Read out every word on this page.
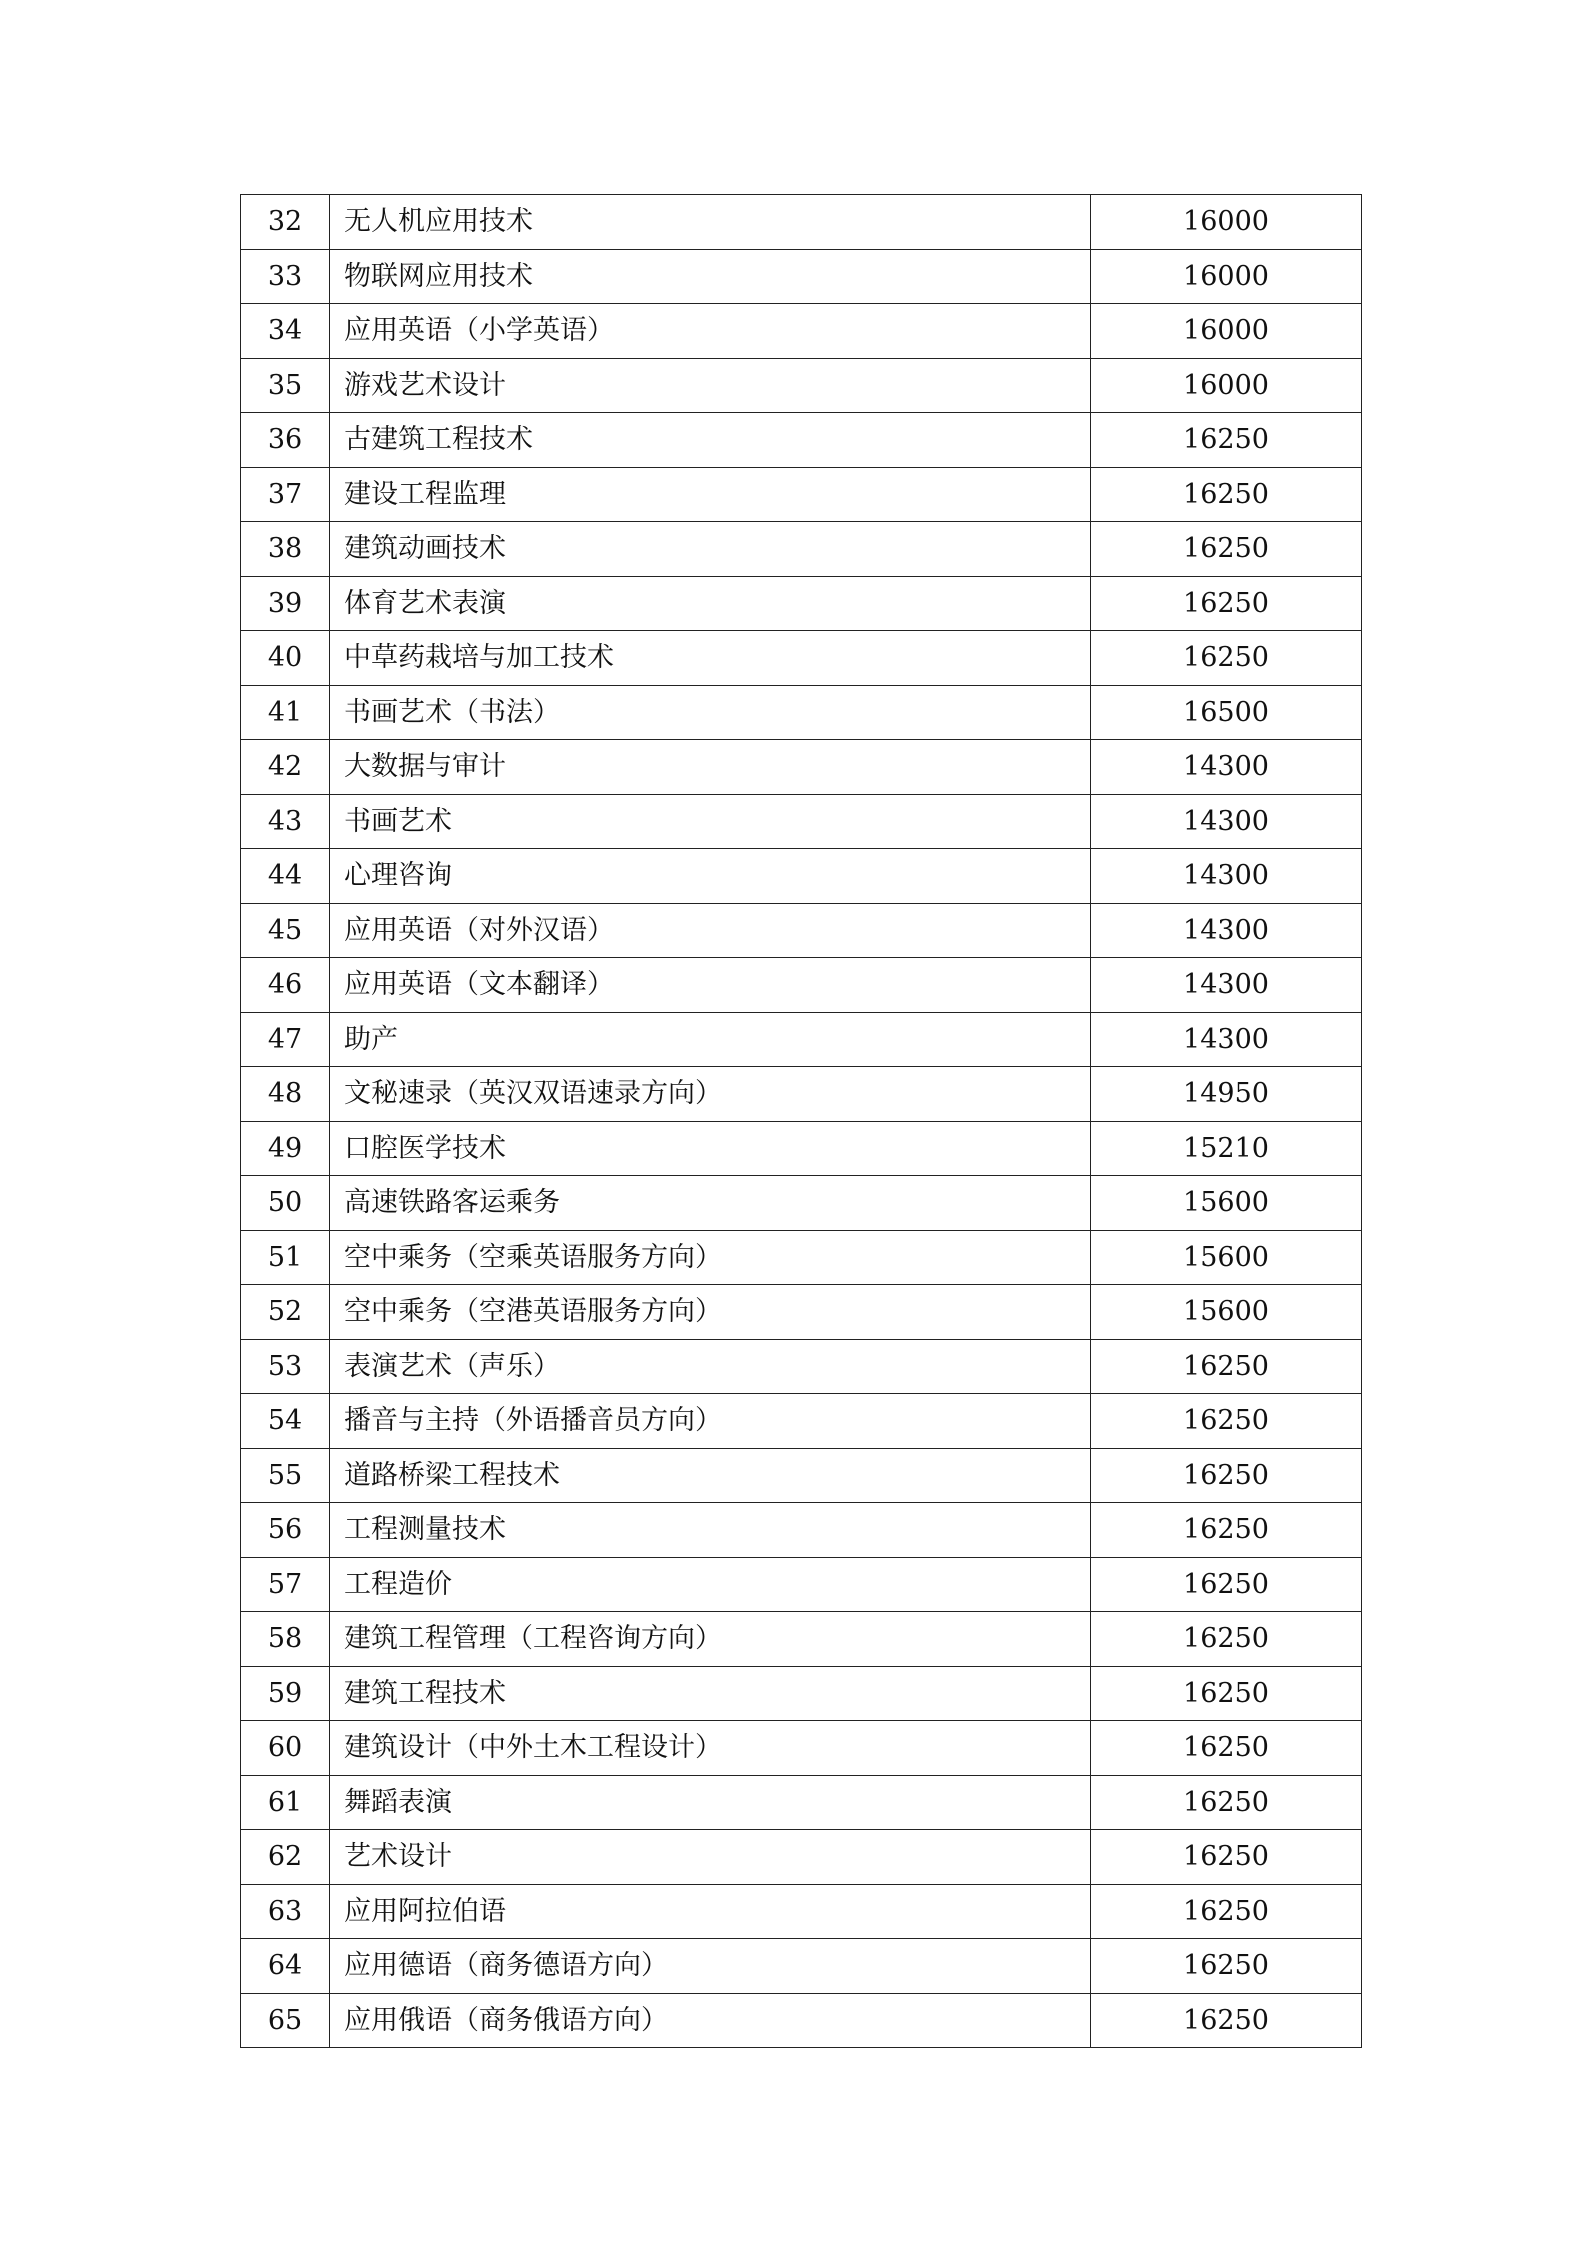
32	无人机应用技术	16000
33	物联网应用技术	16000
34	应用英语（小学英语）	16000
35	游戏艺术设计	16000
36	古建筑工程技术	16250
37	建设工程监理	16250
38	建筑动画技术	16250
39	体育艺术表演	16250
40	中草药栽培与加工技术	16250
41	书画艺术（书法）	16500
42	大数据与审计	14300
43	书画艺术	14300
44	心理咨询	14300
45	应用英语（对外汉语）	14300
46	应用英语（文本翻译）	14300
47	助产	14300
48	文秘速录（英汉双语速录方向）	14950
49	口腔医学技术	15210
50	高速铁路客运乘务	15600
51	空中乘务（空乘英语服务方向）	15600
52	空中乘务（空港英语服务方向）	15600
53	表演艺术（声乐）	16250
54	播音与主持（外语播音员方向）	16250
55	道路桥梁工程技术	16250
56	工程测量技术	16250
57	工程造价	16250
58	建筑工程管理（工程咨询方向）	16250
59	建筑工程技术	16250
60	建筑设计（中外土木工程设计）	16250
61	舞蹈表演	16250
62	艺术设计	16250
63	应用阿拉伯语	16250
64	应用德语（商务德语方向）	16250
65	应用俄语（商务俄语方向）	16250
